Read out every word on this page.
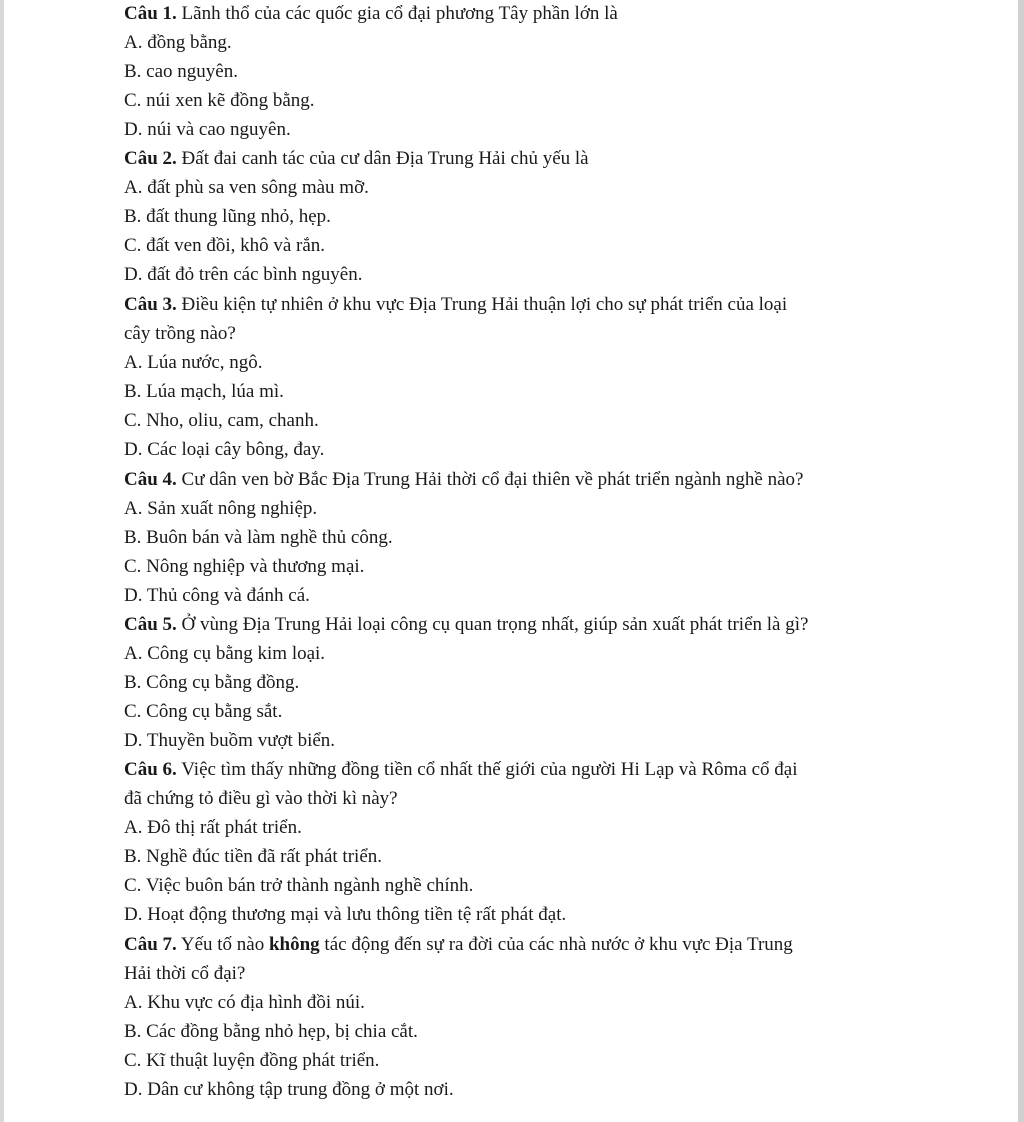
Câu 1. Lãnh thổ của các quốc gia cổ đại phương Tây phần lớn là
A. đồng bằng.
B. cao nguyên.
C. núi xen kẽ đồng bằng.
D. núi và cao nguyên.
Câu 2. Đất đai canh tác của cư dân Địa Trung Hải chủ yếu là
A. đất phù sa ven sông màu mỡ.
B. đất thung lũng nhỏ, hẹp.
C. đất ven đồi, khô và rắn.
D. đất đỏ trên các bình nguyên.
Câu 3. Điều kiện tự nhiên ở khu vực Địa Trung Hải thuận lợi cho sự phát triển của loại
cây trồng nào?
A. Lúa nước, ngô.
B. Lúa mạch, lúa mì.
C. Nho, oliu, cam, chanh.
D. Các loại cây bông, đay.
Câu 4. Cư dân ven bờ Bắc Địa Trung Hải thời cổ đại thiên về phát triển ngành nghề nào?
A. Sản xuất nông nghiệp.
B. Buôn bán và làm nghề thủ công.
C. Nông nghiệp và thương mại.
D. Thủ công và đánh cá.
Câu 5. Ở vùng Địa Trung Hải loại công cụ quan trọng nhất, giúp sản xuất phát triển là gì?
A. Công cụ bằng kim loại.
B. Công cụ bằng đồng.
C. Công cụ bằng sắt.
D. Thuyền buồm vượt biển.
Câu 6. Việc tìm thấy những đồng tiền cổ nhất thế giới của người Hi Lạp và Rôma cổ đại
đã chứng tỏ điều gì vào thời kì này?
A. Đô thị rất phát triển.
B. Nghề đúc tiền đã rất phát triển.
C. Việc buôn bán trở thành ngành nghề chính.
D. Hoạt động thương mại và lưu thông tiền tệ rất phát đạt.
Câu 7. Yếu tố nào không tác động đến sự ra đời của các nhà nước ở khu vực Địa Trung
Hải thời cổ đại?
A. Khu vực có địa hình đồi núi.
B. Các đồng bằng nhỏ hẹp, bị chia cắt.
C. Kĩ thuật luyện đồng phát triển.
D. Dân cư không tập trung đồng ở một nơi.
